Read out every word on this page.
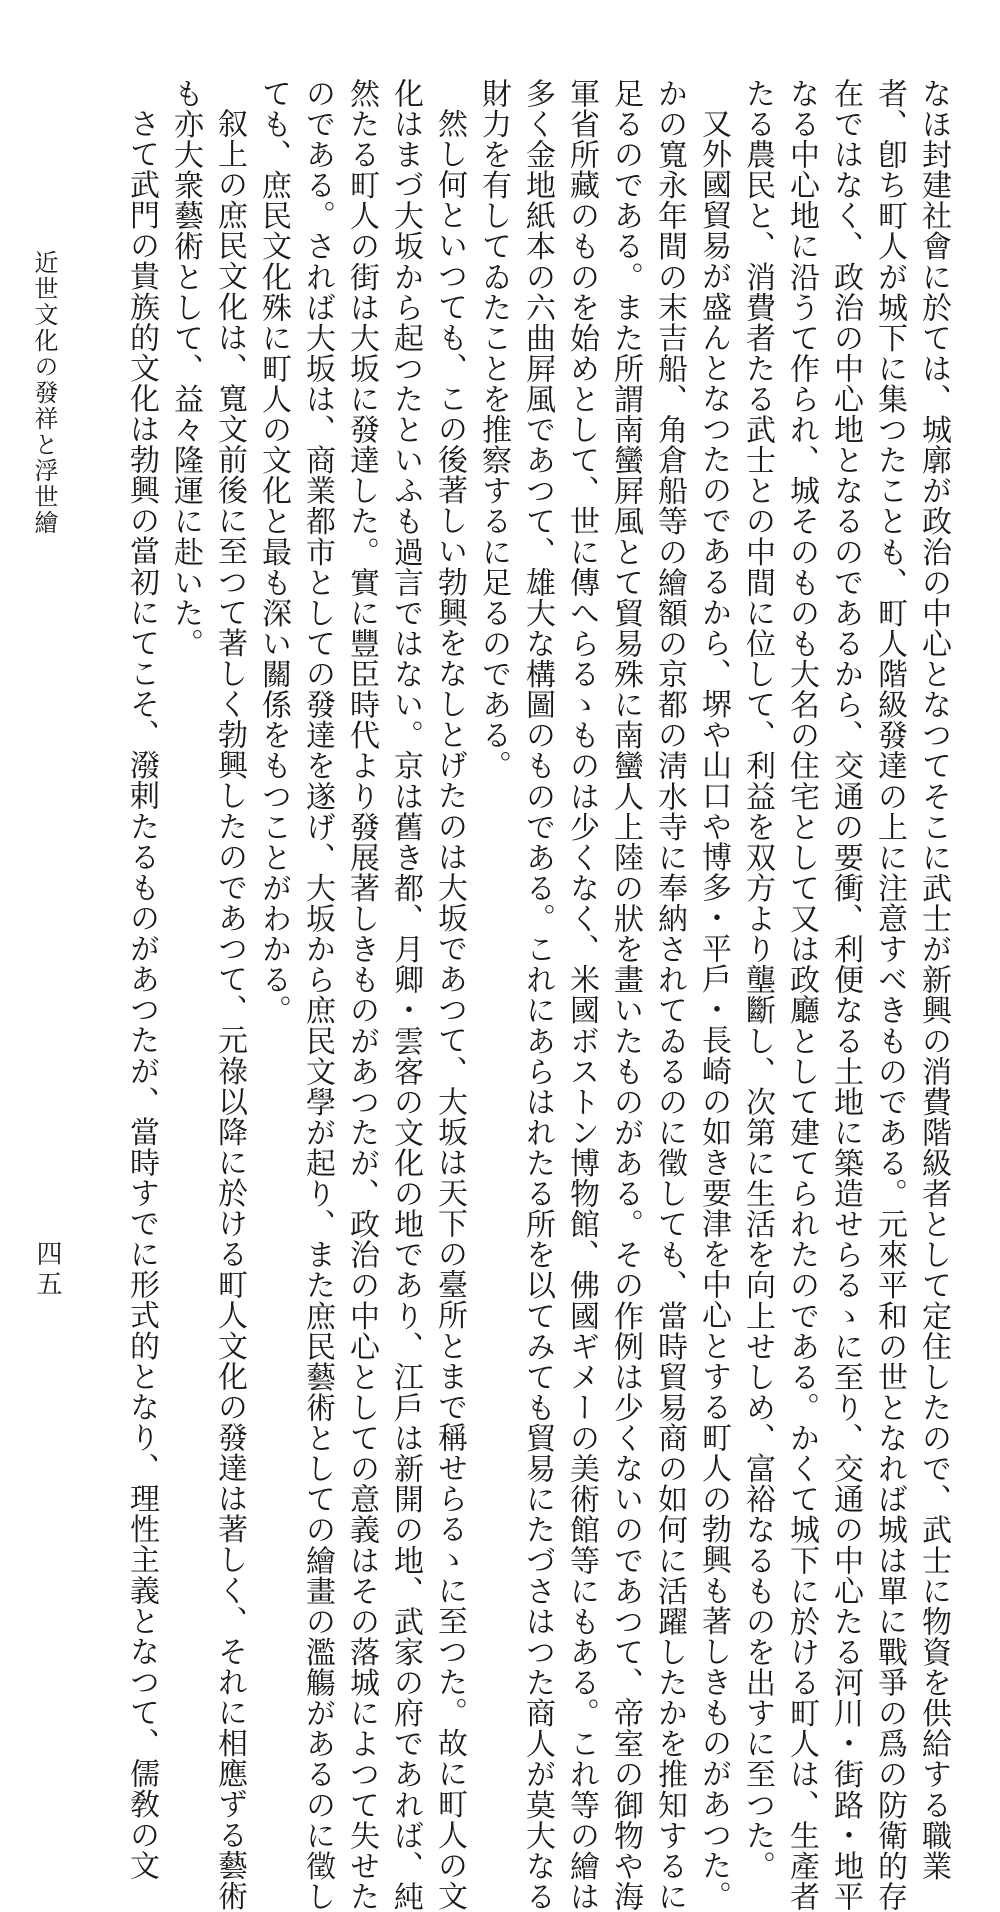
なほ封建社會に於ては、城廓が政治の中心となつてそこに武士が新興の消費階級者として定住したので、武士に物資を供給する職業
者、卽ち町人が城下に集つたことも、町人階級發達の上に注意すべきものである。元來平和の世となれば城は單に戰爭の爲の防衛的存
在ではなく、政治の中心地となるのであるから、交通の要衝、利便なる土地に築造せらるゝに至り、交通の中心たる河川・街路・地平
なる中心地に沿うて作られ、城そのものも大名の住宅として又は政廳として建てられたのである。かくて城下に於ける町人は、生產者
たる農民と、消費者たる武士との中間に位して、利益を双方より壟斷し、次第に生活を向上せしめ、富裕なるものを出すに至つた。
又外國貿易が盛んとなつたのであるから、堺や山口や博多・平戶・長崎の如き要津を中心とする町人の勃興も著しきものがあつた。
かの寬永年間の末吉船、角倉船等の繪額の京都の淸水寺に奉納されてゐるのに徵しても、當時貿易商の如何に活躍したかを推知するに
足るのである。また所謂南蠻屛風とて貿易殊に南蠻人上陸の狀を畫いたものがある。その作例は少くないのであつて、帝室の御物や海
軍省所藏のものを始めとして、世に傳へらるゝものは少くなく、米國ボストン博物館、佛國ギメーの美術館等にもある。これ等の繪は
多く金地紙本の六曲屛風であつて、雄大な構圖のものである。これにあらはれたる所を以てみても貿易にたづさはつた商人が莫大なる
財力を有してゐたことを推察するに足るのである。
然し何といつても、この後著しい勃興をなしとげたのは大坂であつて、大坂は天下の臺所とまで稱せらるゝに至つた。故に町人の文
化はまづ大坂から起つたといふも過言ではない。京は舊き都、月卿・雲客の文化の地であり、江戶は新開の地、武家の府であれば、純
然たる町人の街は大坂に發達した。實に豐臣時代より發展著しきものがあつたが、政治の中心としての意義はその落城によつて失せた
のである。されば大坂は、商業都市としての發達を遂げ、大坂から庶民文學が起り、また庶民藝術としての繪畫の濫觴があるのに徵し
ても、庶民文化殊に町人の文化と最も深い關係をもつことがわかる。
叙上の庶民文化は、寬文前後に至つて著しく勃興したのであつて、元祿以降に於ける町人文化の發達は著しく、それに相應ずる藝術
も亦大衆藝術として、益々隆運に赴いた。
さて武門の貴族的文化は勃興の當初にてこそ、潑剌たるものがあつたが、當時すでに形式的となり、理性主義となつて、儒敎の文
近世文化の發祥と浮世繪
四五
